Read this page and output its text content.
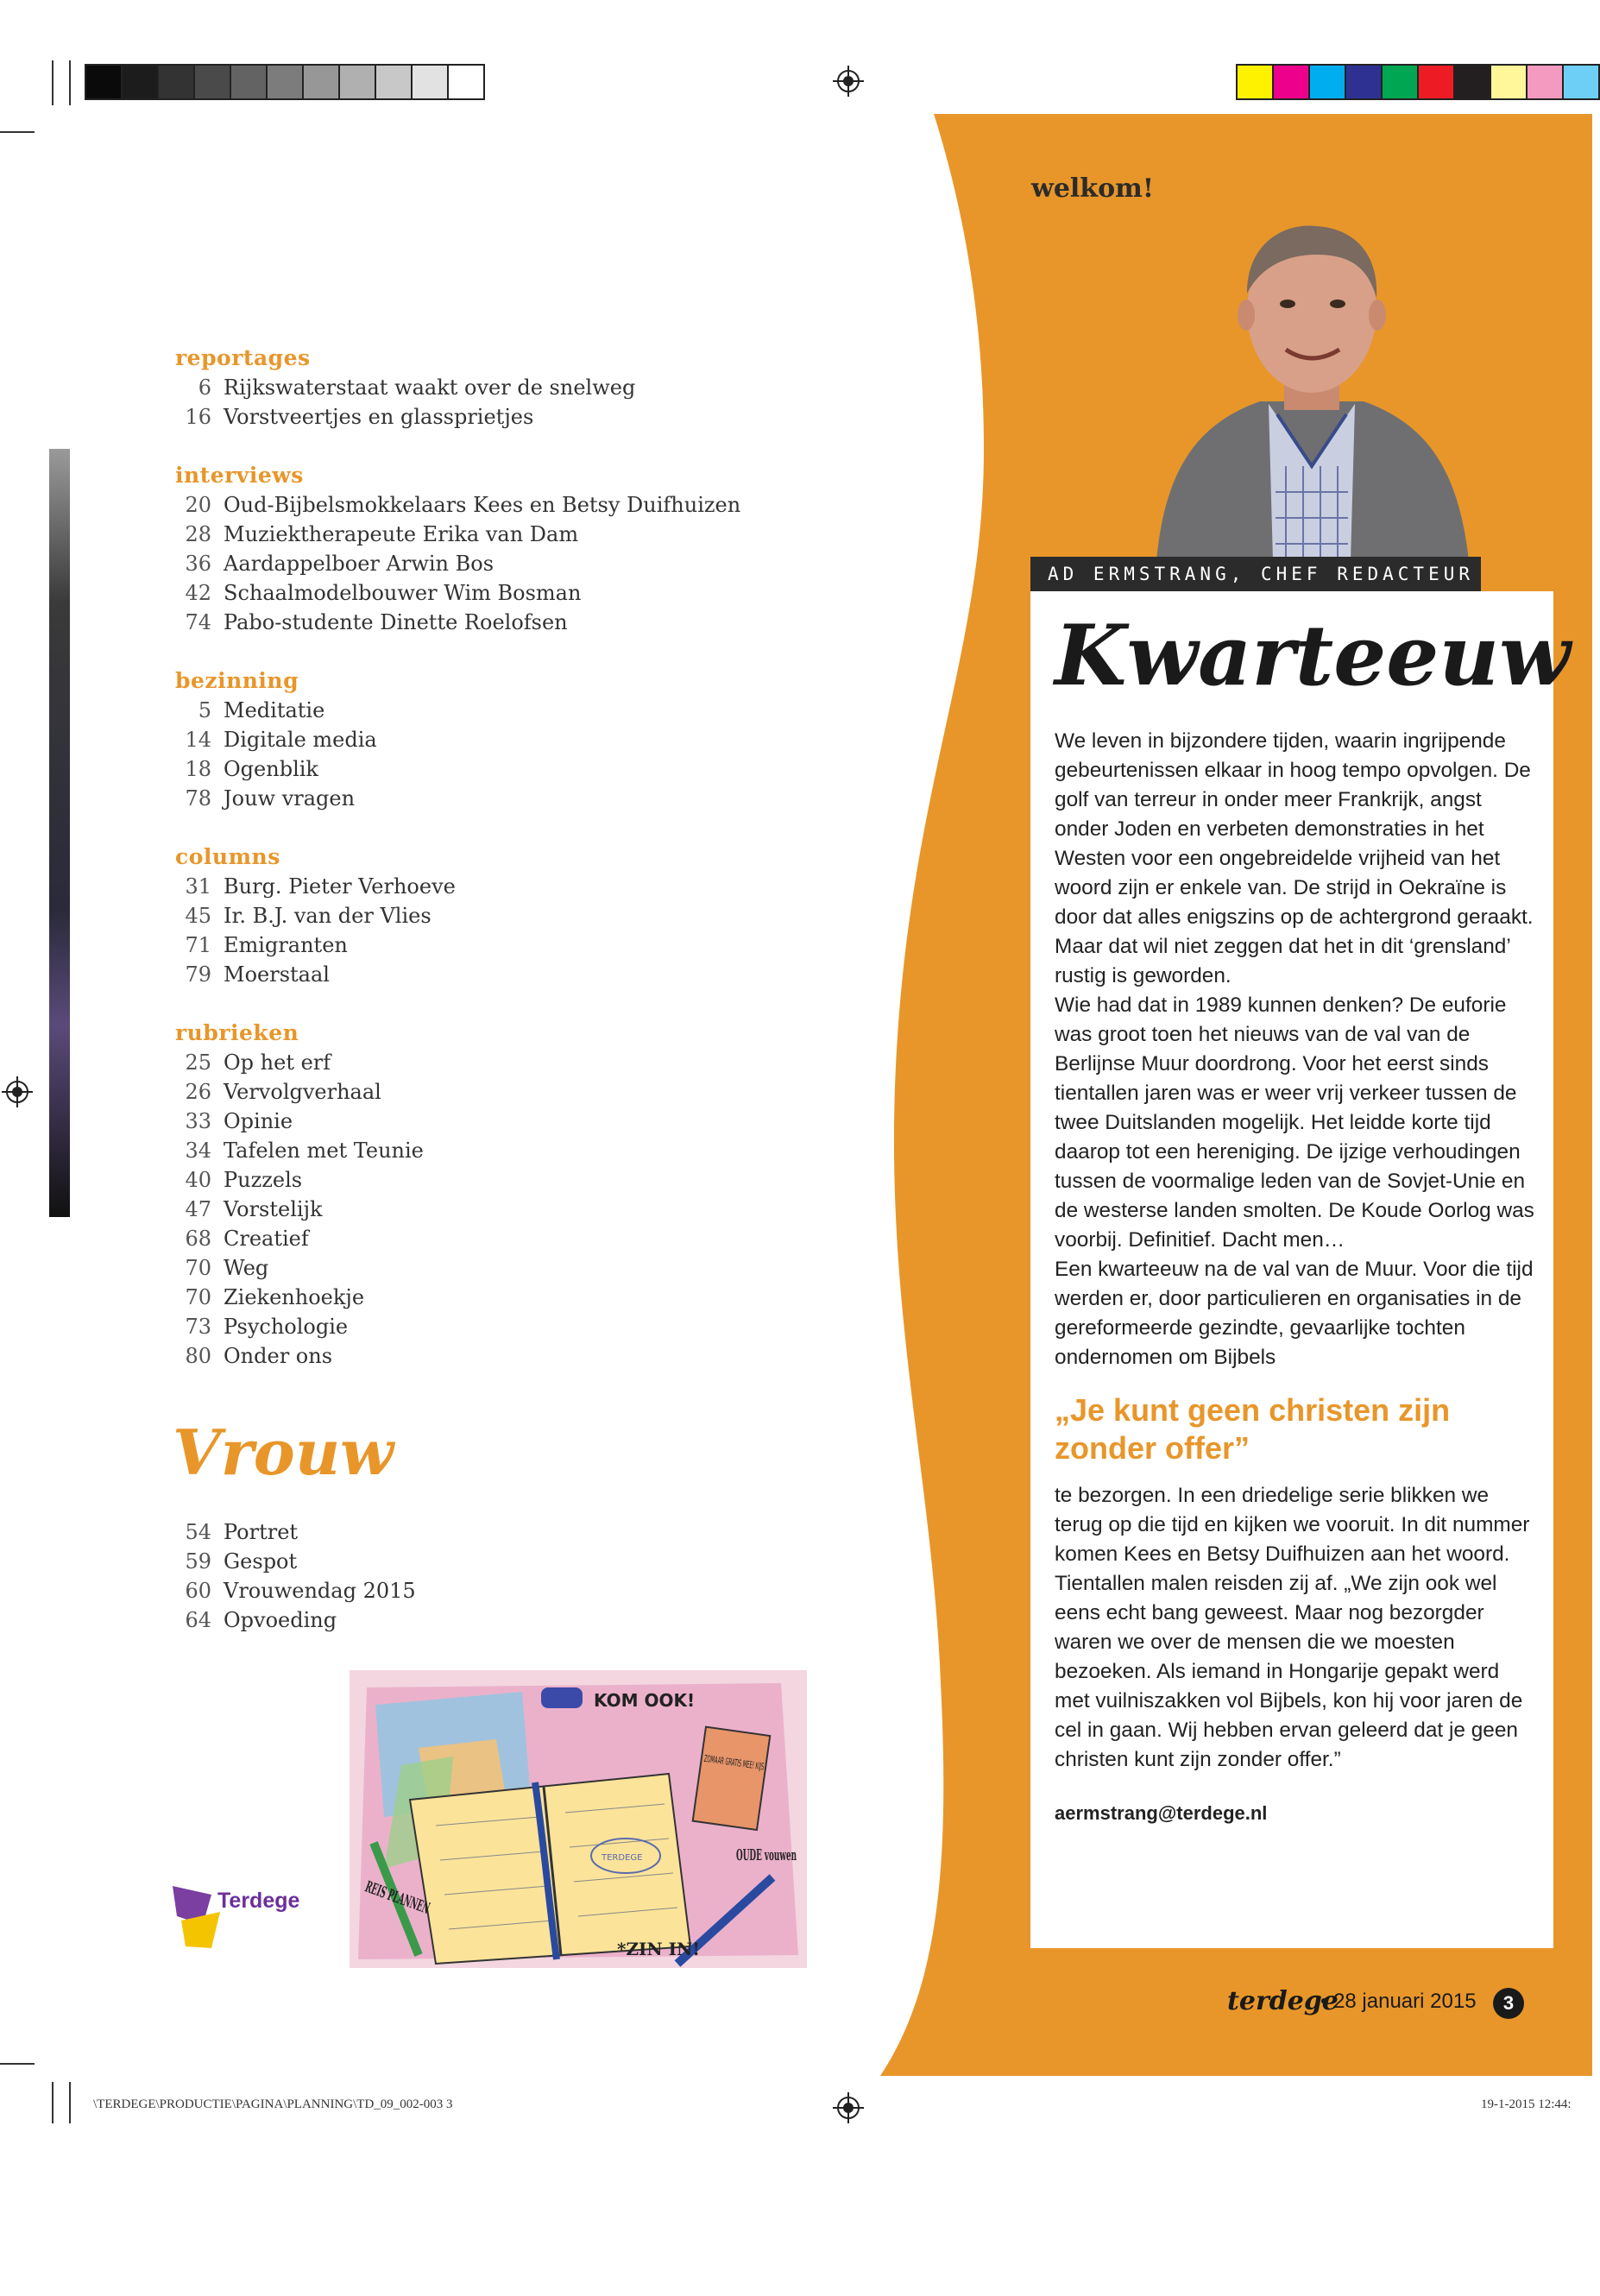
welkom!
AD ERMSTRANG, CHEF REDACTEUR
Kwarteeuw
We leven in bijzondere tijden, waarin ingrijpende gebeurtenissen elkaar in hoog tempo opvolgen. De golf van terreur in onder meer Frankrijk, angst onder Joden en verbeten demonstraties in het Westen voor een ongebreidelde vrijheid van het woord zijn er enkele van. De strijd in Oekraïne is door dat alles enigszins op de achtergrond geraakt. Maar dat wil niet zeggen dat het in dit ‘grensland’ rustig is geworden.
Wie had dat in 1989 kunnen denken? De euforie was groot toen het nieuws van de val van de Berlijnse Muur doordrong. Voor het eerst sinds tientallen jaren was er weer vrij verkeer tussen de twee Duitslanden mogelijk. Het leidde korte tijd daarop tot een hereniging. De ijzige verhoudingen tussen de voormalige leden van de Sovjet-Unie en de westerse landen smolten. De Koude Oorlog was voorbij. Definitief. Dacht men…
Een kwarteeuw na de val van de Muur. Voor die tijd werden er, door particulieren en organisaties in de gereformeerde gezindte, gevaarlijke tochten ondernomen om Bijbels
„Je kunt geen christen zijn zonder offer”
te bezorgen. In een driedelige serie blikken we terug op die tijd en kijken we vooruit. In dit nummer komen Kees en Betsy Duifhuizen aan het woord. Tientallen malen reisden zij af. „We zijn ook wel eens echt bang geweest. Maar nog bezorgder waren we over de mensen die we moesten bezoeken. Als iemand in Hongarije gepakt werd met vuilniszakken vol Bijbels, kon hij voor jaren de cel in gaan. Wij hebben ervan geleerd dat je geen christen kunt zijn zonder offer.”
aermstrang@terdege.nl
terdege
• 28 januari 2015	3
reportages
6 Rijkswaterstaat waakt over de snelweg
16 Vorstveertjes en glassprietjes
interviews
20 Oud-Bijbelsmokkelaars Kees en Betsy Duifhuizen
28 Muziektherapeute Erika van Dam
36 Aardappelboer Arwin Bos
42 Schaalmodelbouwer Wim Bosman
74 Pabo-studente Dinette Roelofsen
bezinning
5 Meditatie
14 Digitale media
18 Ogenblik
78 Jouw vragen
columns
31 Burg. Pieter Verhoeve
45 Ir. B.J. van der Vlies
71 Emigranten
79 Moerstaal
rubrieken
25 Op het erf
26 Vervolgverhaal
33 Opinie
34 Tafelen met Teunie
40 Puzzels
47 Vorstelijk
68 Creatief
70 Weg
70 Ziekenhoekje
73 Psychologie
80 Onder ons
Vrouw
54 Portret
59 Gespot
60 Vrouwendag 2015
64 Opvoeding
KOM OOK!
OUDE vouwen
*ZIN IN!
TERDEGE
Terdege
\TERDEGE\PRODUCTIE\PAGINA\PLANNING\TD_09_002-003 3	19-1-2015 12:44:
